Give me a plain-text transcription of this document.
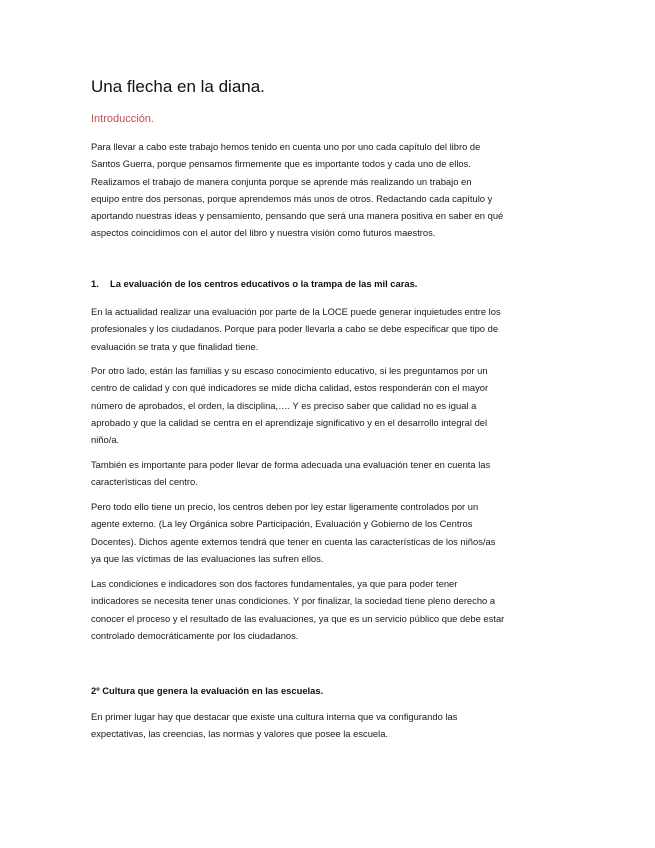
Una flecha en la diana.
Introducción.

Para llevar a cabo este trabajo hemos tenido en cuenta uno por uno cada capítulo del libro de
Santos Guerra, porque pensamos firmemente que es importante todos y cada uno de ellos.
Realizamos el trabajo de manera conjunta porque se aprende más realizando un trabajo en
equipo entre dos personas, porque aprendemos más unos de otros. Redactando cada capítulo y
aportando nuestras ideas y pensamiento, pensando que será una manera positiva en saber en qué
aspectos coincidimos con el autor del libro y nuestra visión como futuros maestros.

1. La evaluación de los centros educativos o la trampa de las mil caras.

En la actualidad realizar una evaluación por parte de la LOCE puede generar inquietudes entre los
profesionales y los ciudadanos. Porque para poder llevarla a cabo se debe especificar que tipo de
evaluación se trata y que finalidad tiene.

Por otro lado, están las familias y su escaso conocimiento educativo, si les preguntamos por un
centro de calidad y con qué indicadores se mide dicha calidad, estos responderán con el mayor
número de aprobados, el orden, la disciplina,…. Y es preciso saber que calidad no es igual a
aprobado y que la calidad se centra en el aprendizaje significativo y en el desarrollo integral del
niño/a.

También es importante para poder llevar de forma adecuada una evaluación tener en cuenta las
características del centro.

Pero todo ello tiene un precio, los centros deben por ley estar ligeramente controlados por un
agente externo. (La ley Orgánica sobre Participación, Evaluación y Gobierno de los Centros
Docentes). Dichos agente externos tendrá que tener en cuenta las características de los niños/as
ya que las víctimas de las evaluaciones las sufren ellos.

Las condiciones e indicadores son dos factores fundamentales, ya que para poder tener
indicadores se necesita tener unas condiciones. Y por finalizar, la sociedad tiene pleno derecho a
conocer el proceso y el resultado de las evaluaciones, ya que es un servicio público que debe estar
controlado democráticamente por los ciudadanos.

2º Cultura que genera la evaluación en las escuelas.

En primer lugar hay que destacar que existe una cultura interna que va configurando las
expectativas, las creencias, las normas y valores que posee la escuela.
